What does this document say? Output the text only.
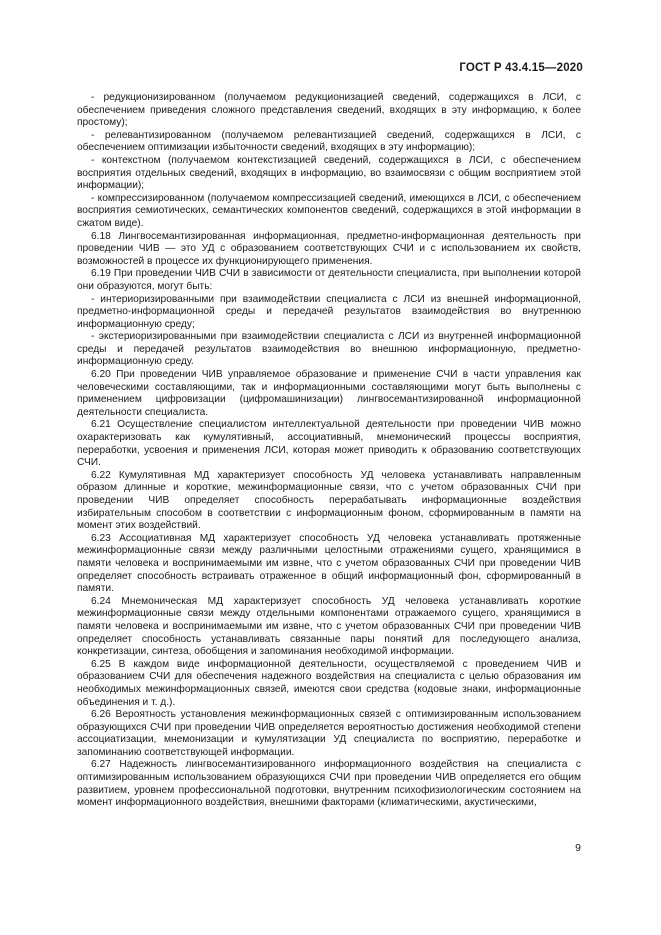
ГОСТ Р 43.4.15—2020

- редукционизированном (получаемом редукционизацией сведений, содержащихся в ЛСИ, с обеспечением приведения сложного представления сведений, входящих в эту информацию, к более простому);

- релевантизированном (получаемом релевантизацией сведений, содержащихся в ЛСИ, с обеспечением оптимизации избыточности сведений, входящих в эту информацию);

- контекстном (получаемом контекстизацией сведений, содержащихся в ЛСИ, с обеспечением восприятия отдельных сведений, входящих в информацию, во взаимосвязи с общим восприятием этой информации);

- компрессизированном (получаемом компрессизацией сведений, имеющихся в ЛСИ, с обеспечением восприятия семиотических, семантических компонентов сведений, содержащихся в этой информации в сжатом виде).

6.18 Лингвосемантизированная информационная, предметно-информационная деятельность при проведении ЧИВ — это УД с образованием соответствующих СЧИ и с использованием их свойств, возможностей в процессе их функционирующего применения.

6.19 При проведении ЧИВ СЧИ в зависимости от деятельности специалиста, при выполнении которой они образуются, могут быть:

- интериоризированными при взаимодействии специалиста с ЛСИ из внешней информационной, предметно-информационной среды и передачей результатов взаимодействия во внутреннюю информационную среду;

- экстериоризированными при взаимодействии специалиста с ЛСИ из внутренней информационной среды и передачей результатов взаимодействия во внешнюю информационную, предметно-информационную среду.

6.20 При проведении ЧИВ управляемое образование и применение СЧИ в части управления как человеческими составляющими, так и информационными составляющими могут быть выполнены с применением цифровизации (цифромашинизации) лингвосемантизированной информационной деятельности специалиста.

6.21 Осуществление специалистом интеллектуальной деятельности при проведении ЧИВ можно охарактеризовать как кумулятивный, ассоциативный, мнемонический процессы восприятия, переработки, усвоения и применения ЛСИ, которая может приводить к образованию соответствующих СЧИ.

6.22 Кумулятивная МД характеризует способность УД человека устанавливать направленным образом длинные и короткие, межинформационные связи, что с учетом образованных СЧИ при проведении ЧИВ определяет способность перерабатывать информационные воздействия избирательным способом в соответствии с информационным фоном, сформированным в памяти на момент этих воздействий.

6.23 Ассоциативная МД характеризует способность УД человека устанавливать протяженные межинформационные связи между различными целостными отражениями сущего, хранящимися в памяти человека и воспринимаемыми им извне, что с учетом образованных СЧИ при проведении ЧИВ определяет способность встраивать отраженное в общий информационный фон, сформированный в памяти.

6.24 Мнемоническая МД характеризует способность УД человека устанавливать короткие межинформационные связи между отдельными компонентами отражаемого сущего, хранящимися в памяти человека и воспринимаемыми им извне, что с учетом образованных СЧИ при проведении ЧИВ определяет способность устанавливать связанные пары понятий для последующего анализа, конкретизации, синтеза, обобщения и запоминания необходимой информации.

6.25 В каждом виде информационной деятельности, осуществляемой с проведением ЧИВ и образованием СЧИ для обеспечения надежного воздействия на специалиста с целью образования им необходимых межинформационных связей, имеются свои средства (кодовые знаки, информационные объединения и т. д.).

6.26 Вероятность установления межинформационных связей с оптимизированным использованием образующихся СЧИ при проведении ЧИВ определяется вероятностью достижения необходимой степени ассоциатизации, мнемонизации и кумулятизации УД специалиста по восприятию, переработке и запоминанию соответствующей информации.

6.27 Надежность лингвосемантизированного информационного воздействия на специалиста с оптимизированным использованием образующихся СЧИ при проведении ЧИВ определяется его общим развитием, уровнем профессиональной подготовки, внутренним психофизиологическим состоянием на момент информационного воздействия, внешними факторами (климатическими, акустическими,

9
